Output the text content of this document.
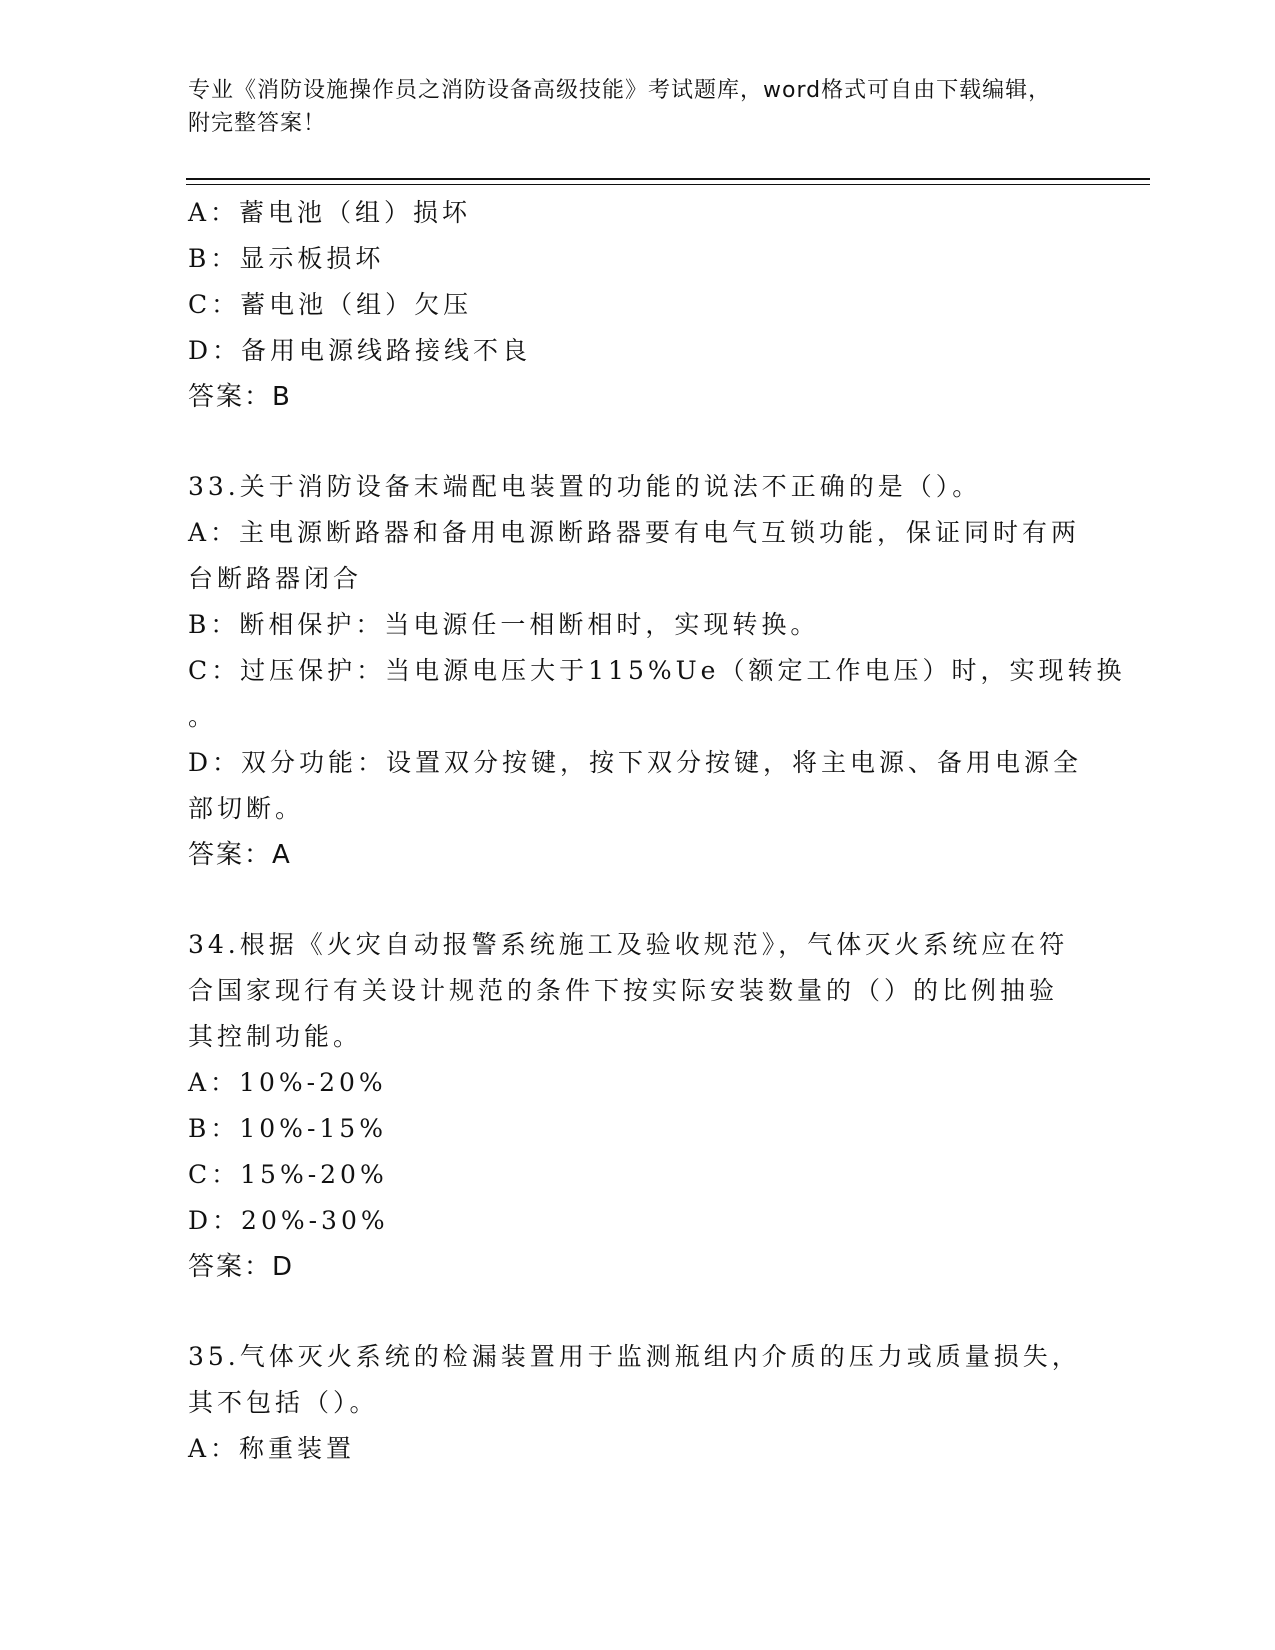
专业《消防设施操作员之消防设备高级技能》考试题库，word格式可自由下载编辑，附完整答案！
A：蓄电池（组）损坏
B：显示板损坏
C：蓄电池（组）欠压
D：备用电源线路接线不良
答案：B
33.关于消防设备末端配电装置的功能的说法不正确的是（）。
A：主电源断路器和备用电源断路器要有电气互锁功能，保证同时有两
台断路器闭合
B：断相保护：当电源任一相断相时，实现转换。
C：过压保护：当电源电压大于115%Ue（额定工作电压）时，实现转换
。
D：双分功能：设置双分按键，按下双分按键，将主电源、备用电源全
部切断。
答案：A
34.根据《火灾自动报警系统施工及验收规范》，气体灭火系统应在符
合国家现行有关设计规范的条件下按实际安装数量的（）的比例抽验
其控制功能。
A：10%-20%
B：10%-15%
C：15%-20%
D：20%-30%
答案：D
35.气体灭火系统的检漏装置用于监测瓶组内介质的压力或质量损失，
其不包括（）。
A：称重装置
